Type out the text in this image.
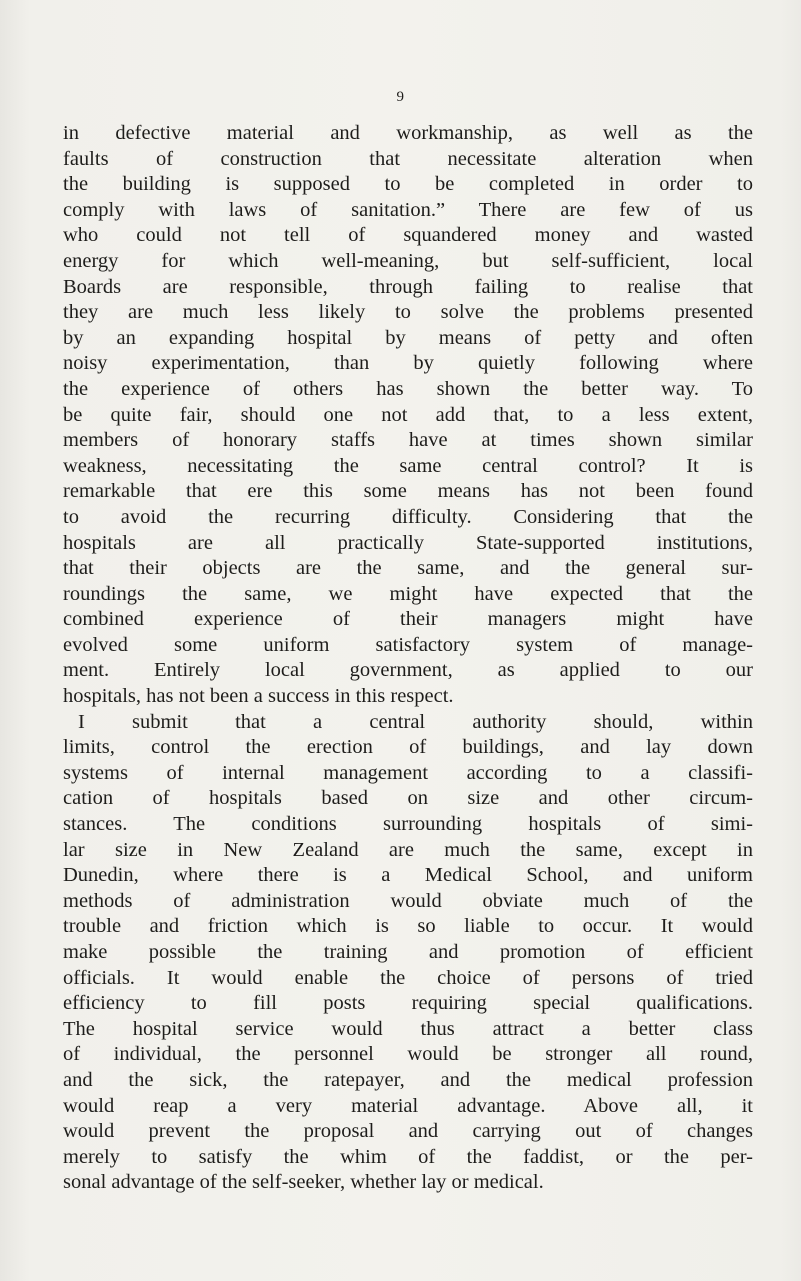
9
in defective material and workmanship, as well as the
faults of construction that necessitate alteration when
the building is supposed to be completed in order to
comply with laws of sanitation.” There are few of us
who could not tell of squandered money and wasted
energy for which well-meaning, but self-sufficient, local
Boards are responsible, through failing to realise that
they are much less likely to solve the problems presented
by an expanding hospital by means of petty and often
noisy experimentation, than by quietly following where
the experience of others has shown the better way. To
be quite fair, should one not add that, to a less extent,
members of honorary staffs have at times shown similar
weakness, necessitating the same central control? It is
remarkable that ere this some means has not been found
to avoid the recurring difficulty. Considering that the
hospitals are all practically State-supported institutions,
that their objects are the same, and the general sur-
roundings the same, we might have expected that the
combined experience of their managers might have
evolved some uniform satisfactory system of manage-
ment. Entirely local government, as applied to our
hospitals, has not been a success in this respect.
I submit that a central authority should, within
limits, control the erection of buildings, and lay down
systems of internal management according to a classifi-
cation of hospitals based on size and other circum-
stances. The conditions surrounding hospitals of simi-
lar size in New Zealand are much the same, except in
Dunedin, where there is a Medical School, and uniform
methods of administration would obviate much of the
trouble and friction which is so liable to occur. It would
make possible the training and promotion of efficient
officials. It would enable the choice of persons of tried
efficiency to fill posts requiring special qualifications.
The hospital service would thus attract a better class
of individual, the personnel would be stronger all round,
and the sick, the ratepayer, and the medical profession
would reap a very material advantage. Above all, it
would prevent the proposal and carrying out of changes
merely to satisfy the whim of the faddist, or the per-
sonal advantage of the self-seeker, whether lay or medical.
